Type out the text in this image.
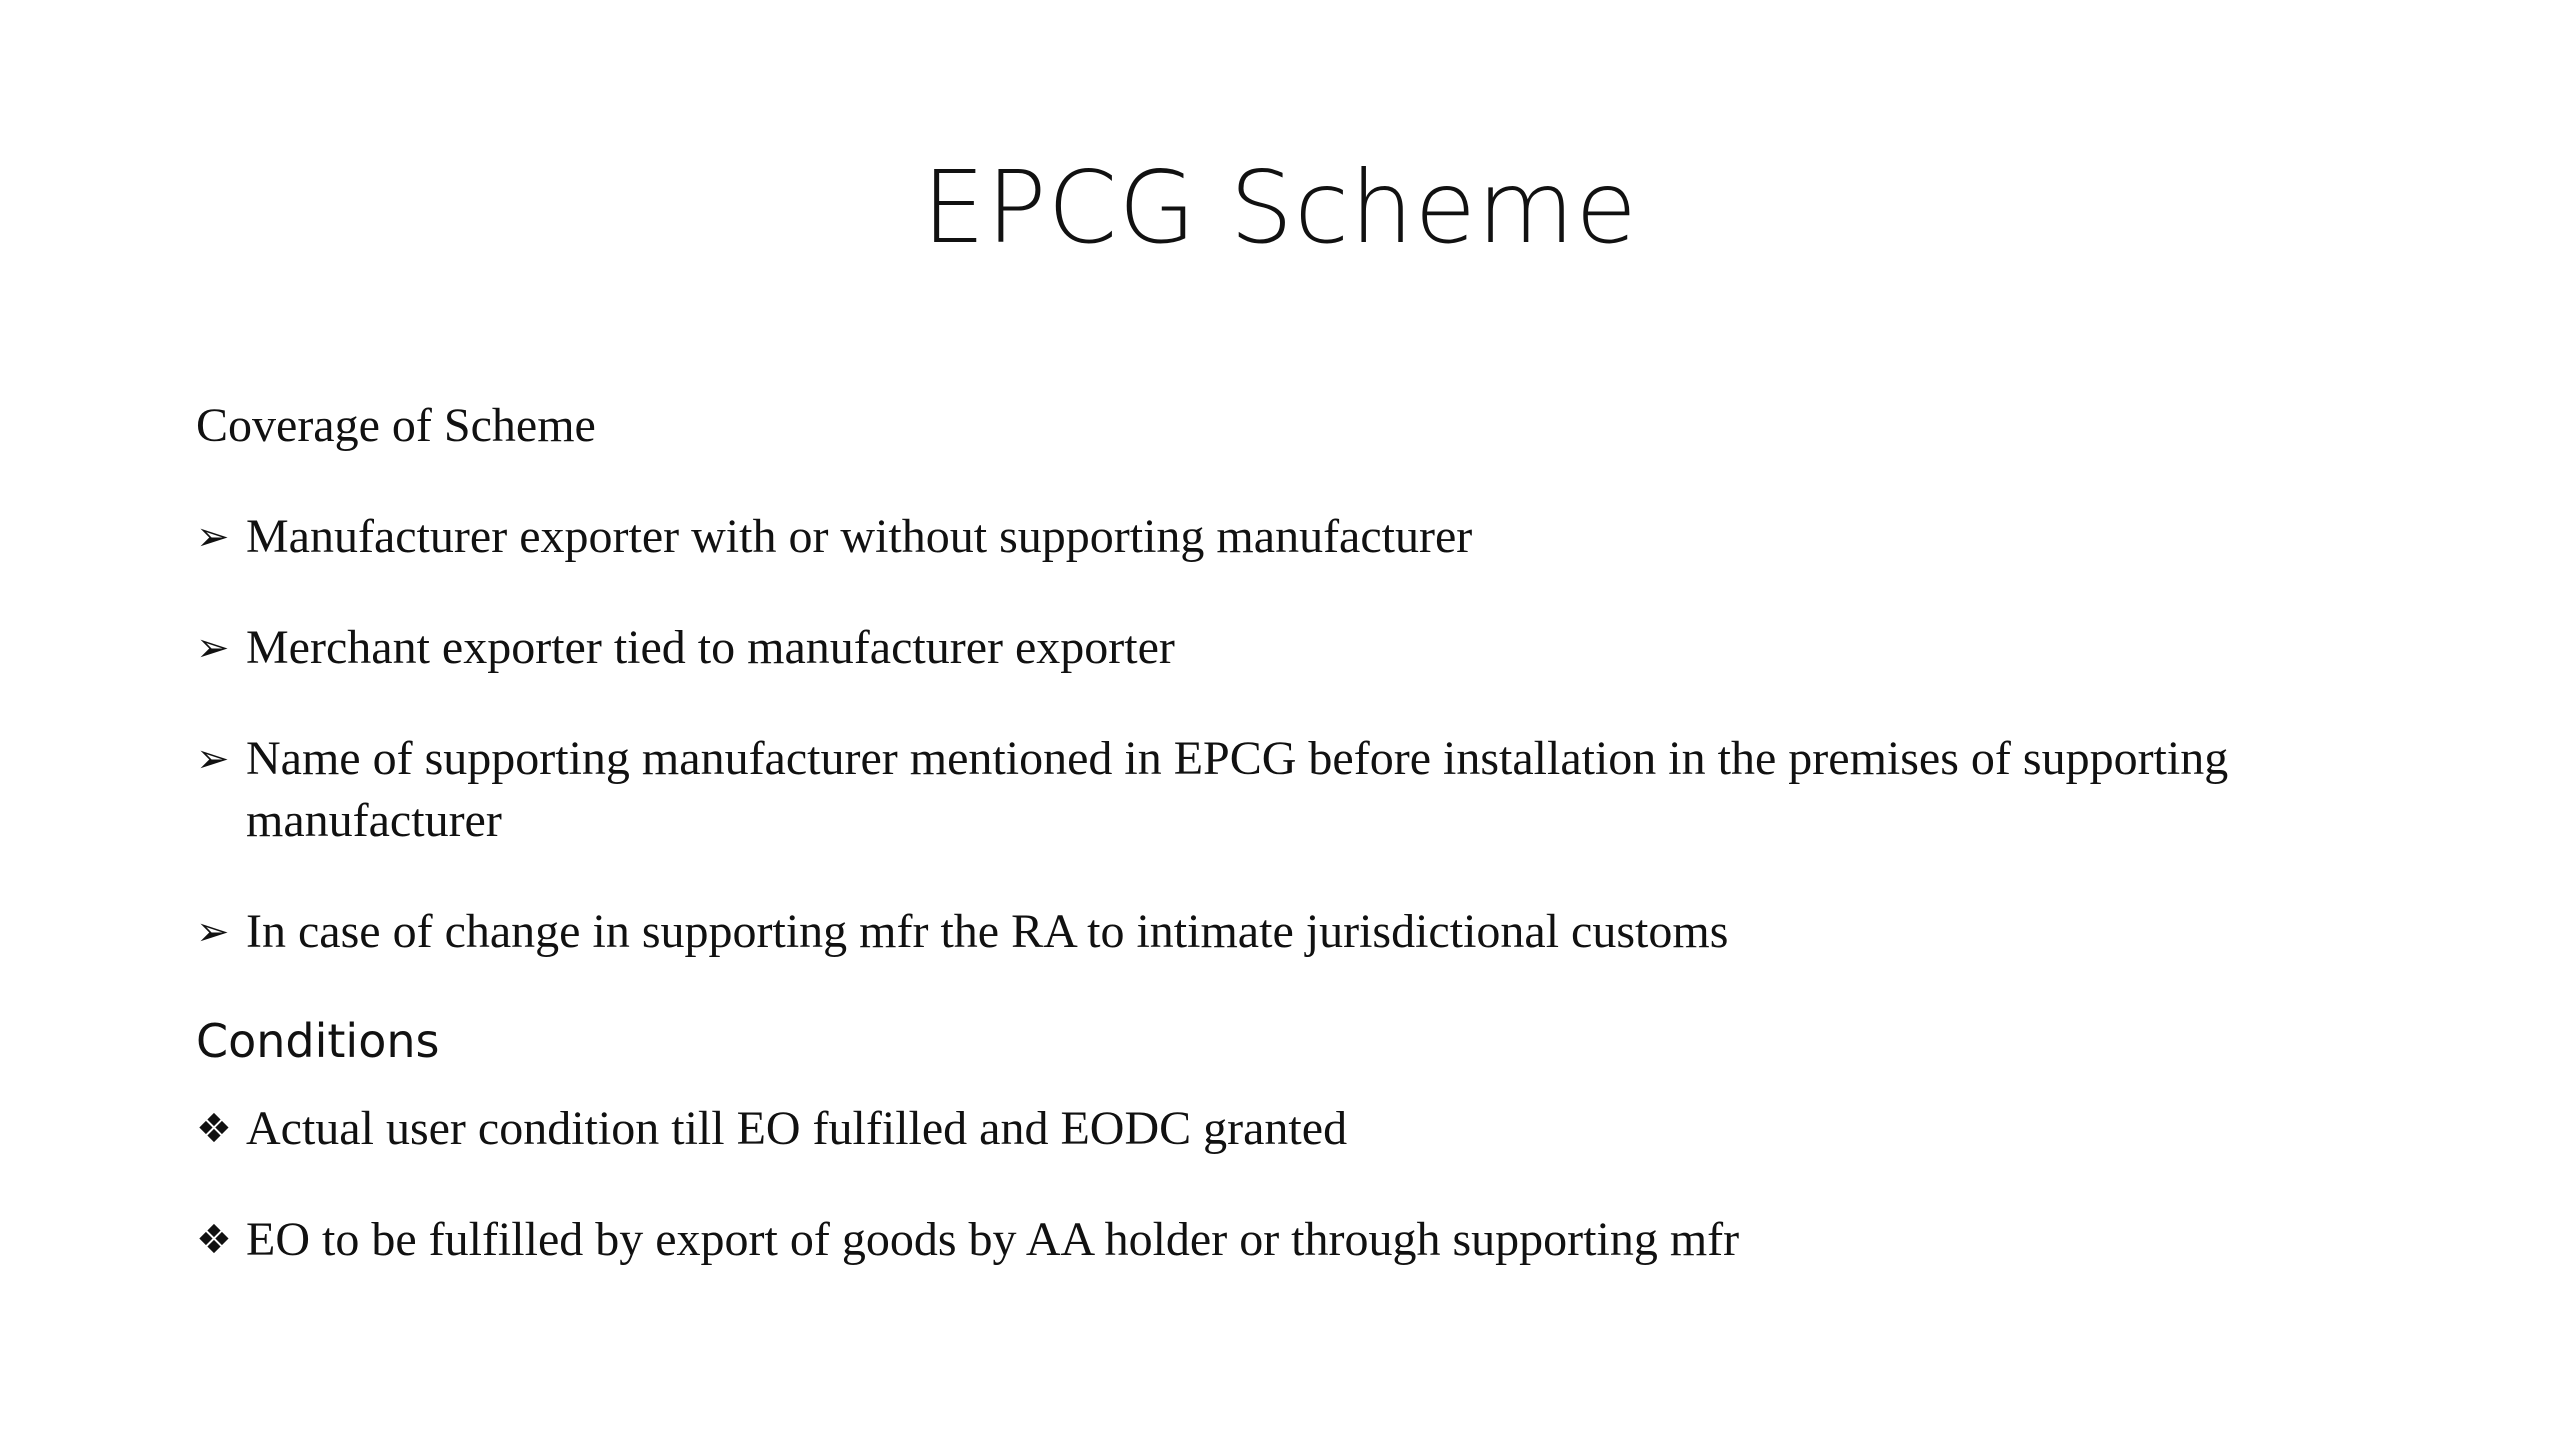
EPCG Scheme
Coverage of Scheme
➢ Manufacturer exporter with or without supporting manufacturer
➢ Merchant exporter tied to manufacturer exporter
➢ Name of supporting manufacturer mentioned in EPCG before installation in the premises of supporting manufacturer
➢ In case of change in supporting mfr the RA to intimate jurisdictional customs
Conditions
❖ Actual user condition till EO fulfilled and EODC granted
❖ EO to be fulfilled by export of goods by AA holder or through supporting mfr
